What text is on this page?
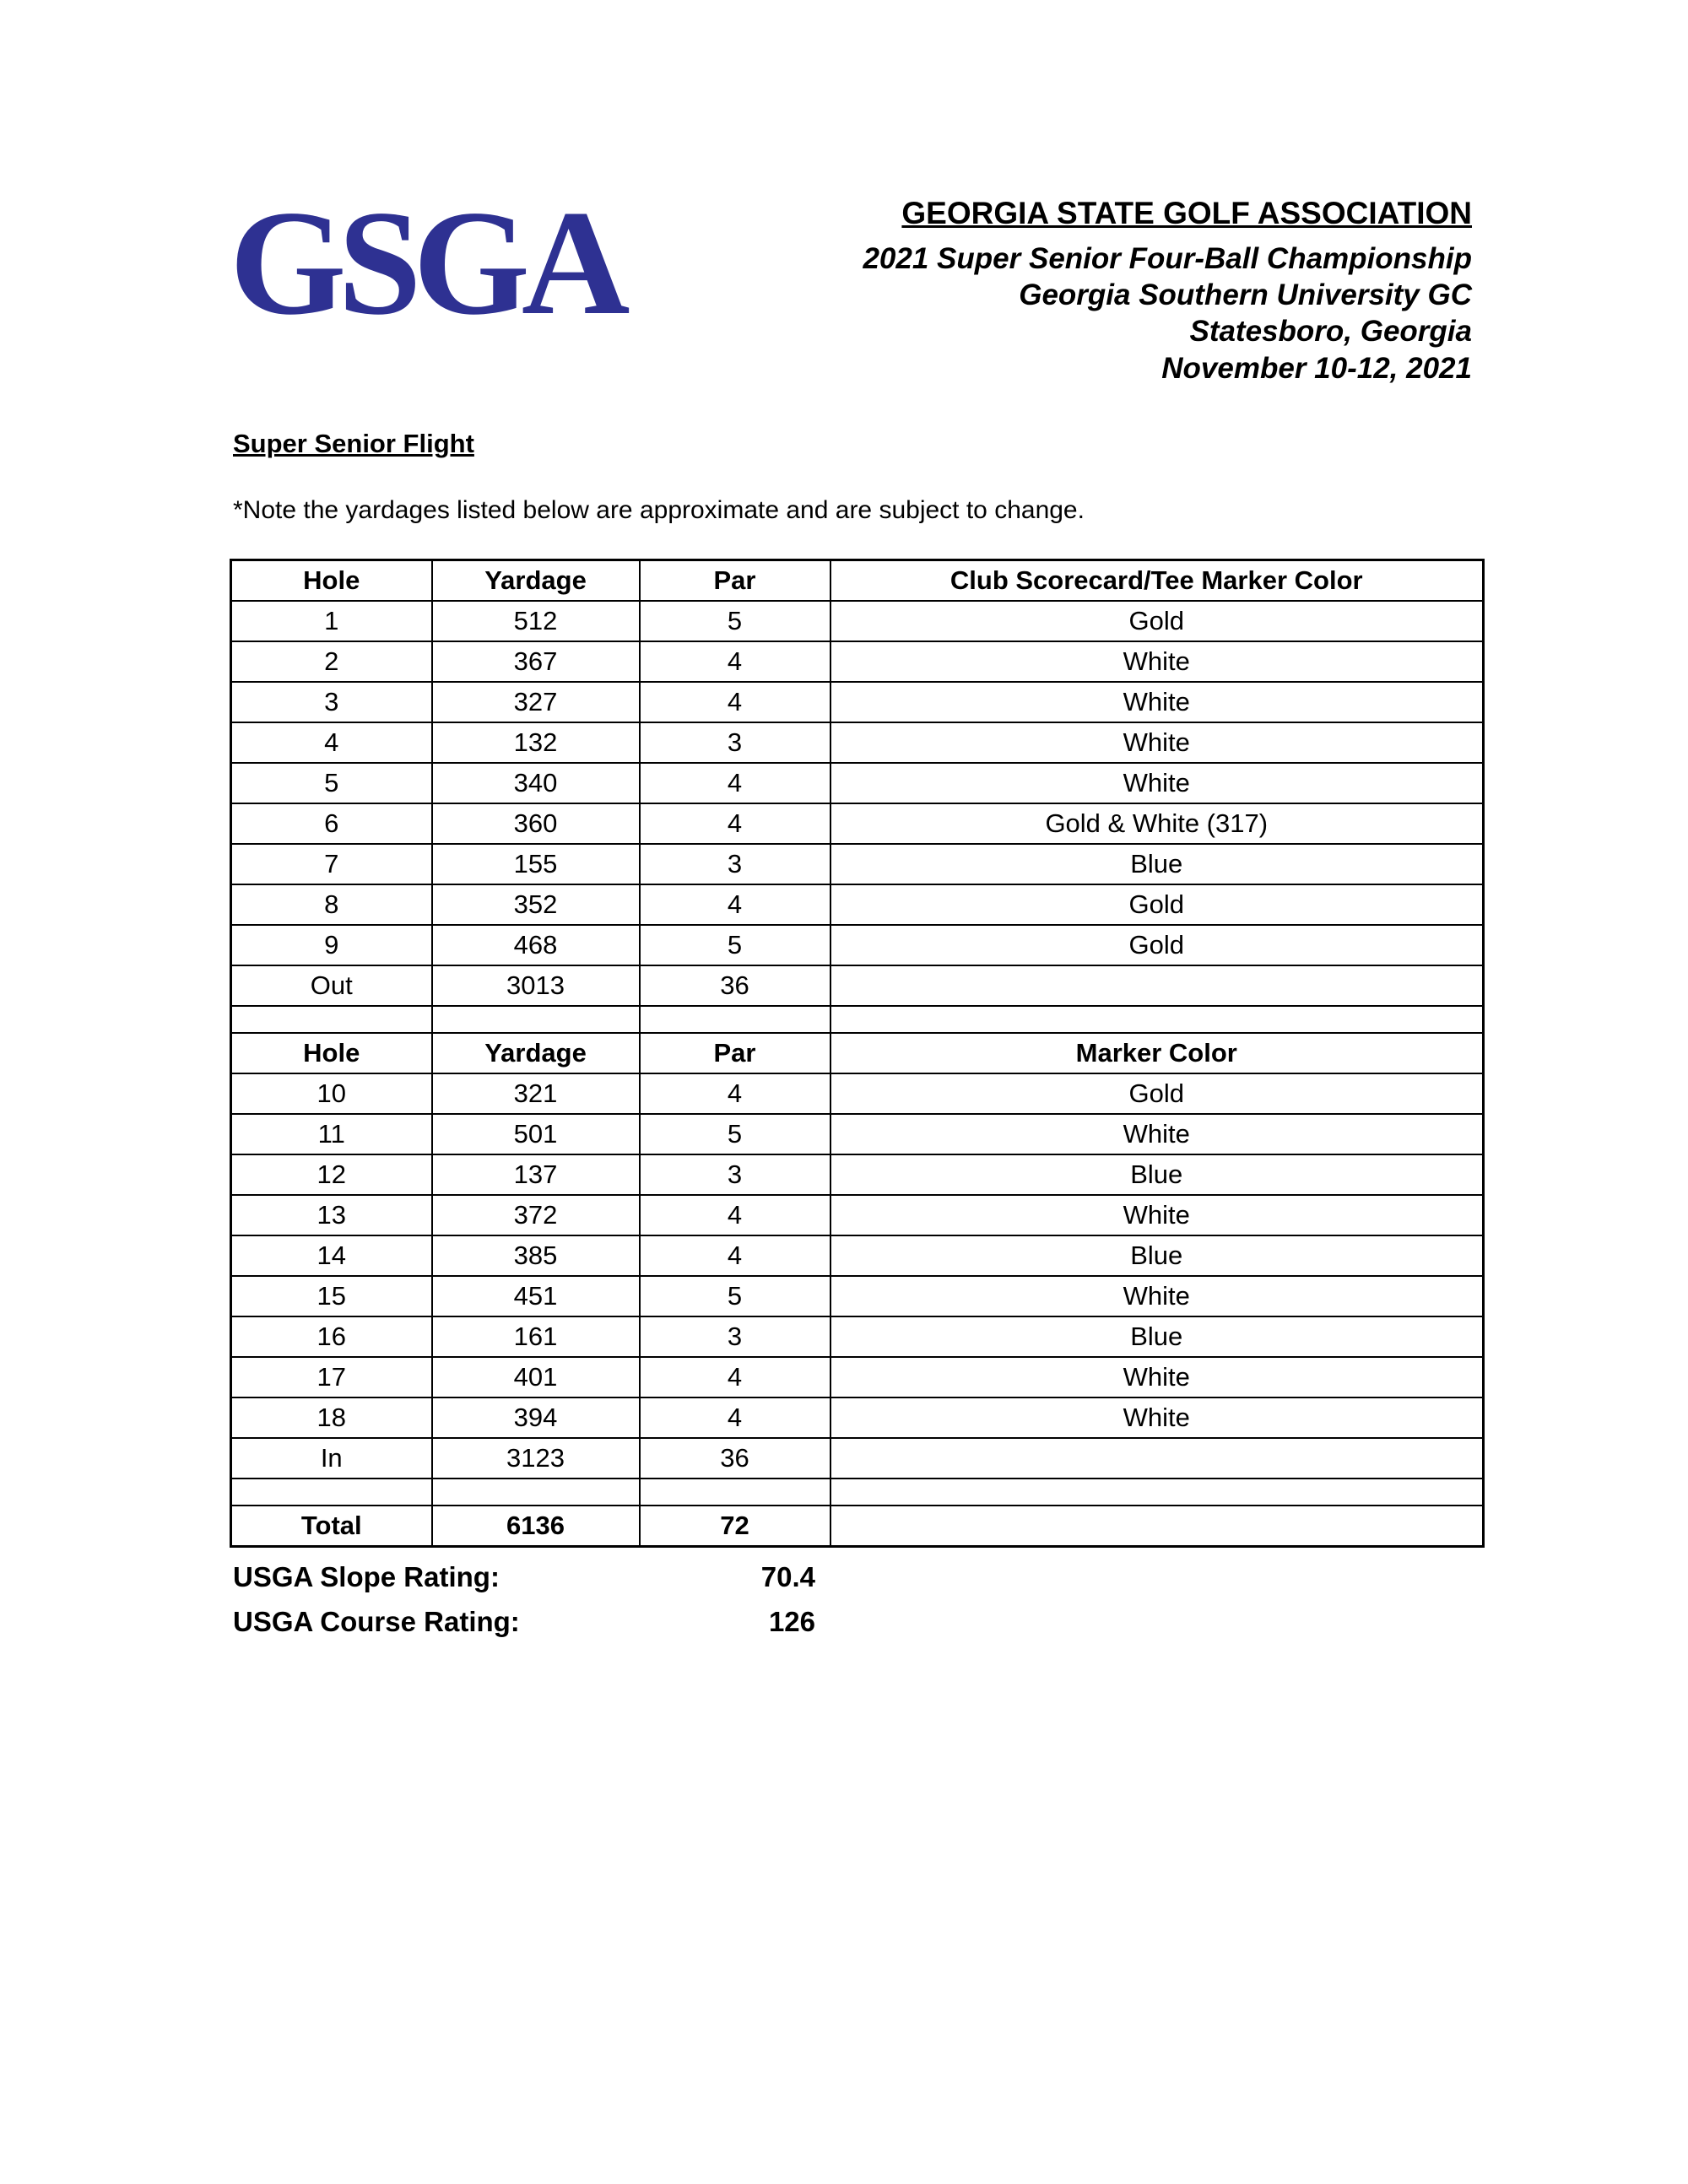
GSGA	GEORGIA STATE GOLF ASSOCIATION
2021 Super Senior Four-Ball Championship
Georgia Southern University GC
Statesboro, Georgia
November 10-12, 2021
Super Senior Flight
*Note the yardages listed below are approximate and are subject to change.
Hole	Yardage	Par	Club Scorecard/Tee Marker Color
1	512	5	Gold
2	367	4	White
3	327	4	White
4	132	3	White
5	340	4	White
6	360	4	Gold & White (317)
7	155	3	Blue
8	352	4	Gold
9	468	5	Gold
Out	3013	36	

Hole	Yardage	Par	Marker Color
10	321	4	Gold
11	501	5	White
12	137	3	Blue
13	372	4	White
14	385	4	Blue
15	451	5	White
16	161	3	Blue
17	401	4	White
18	394	4	White
In	3123	36	

Total	6136	72	
USGA Slope Rating:	70.4
USGA Course Rating:	126
